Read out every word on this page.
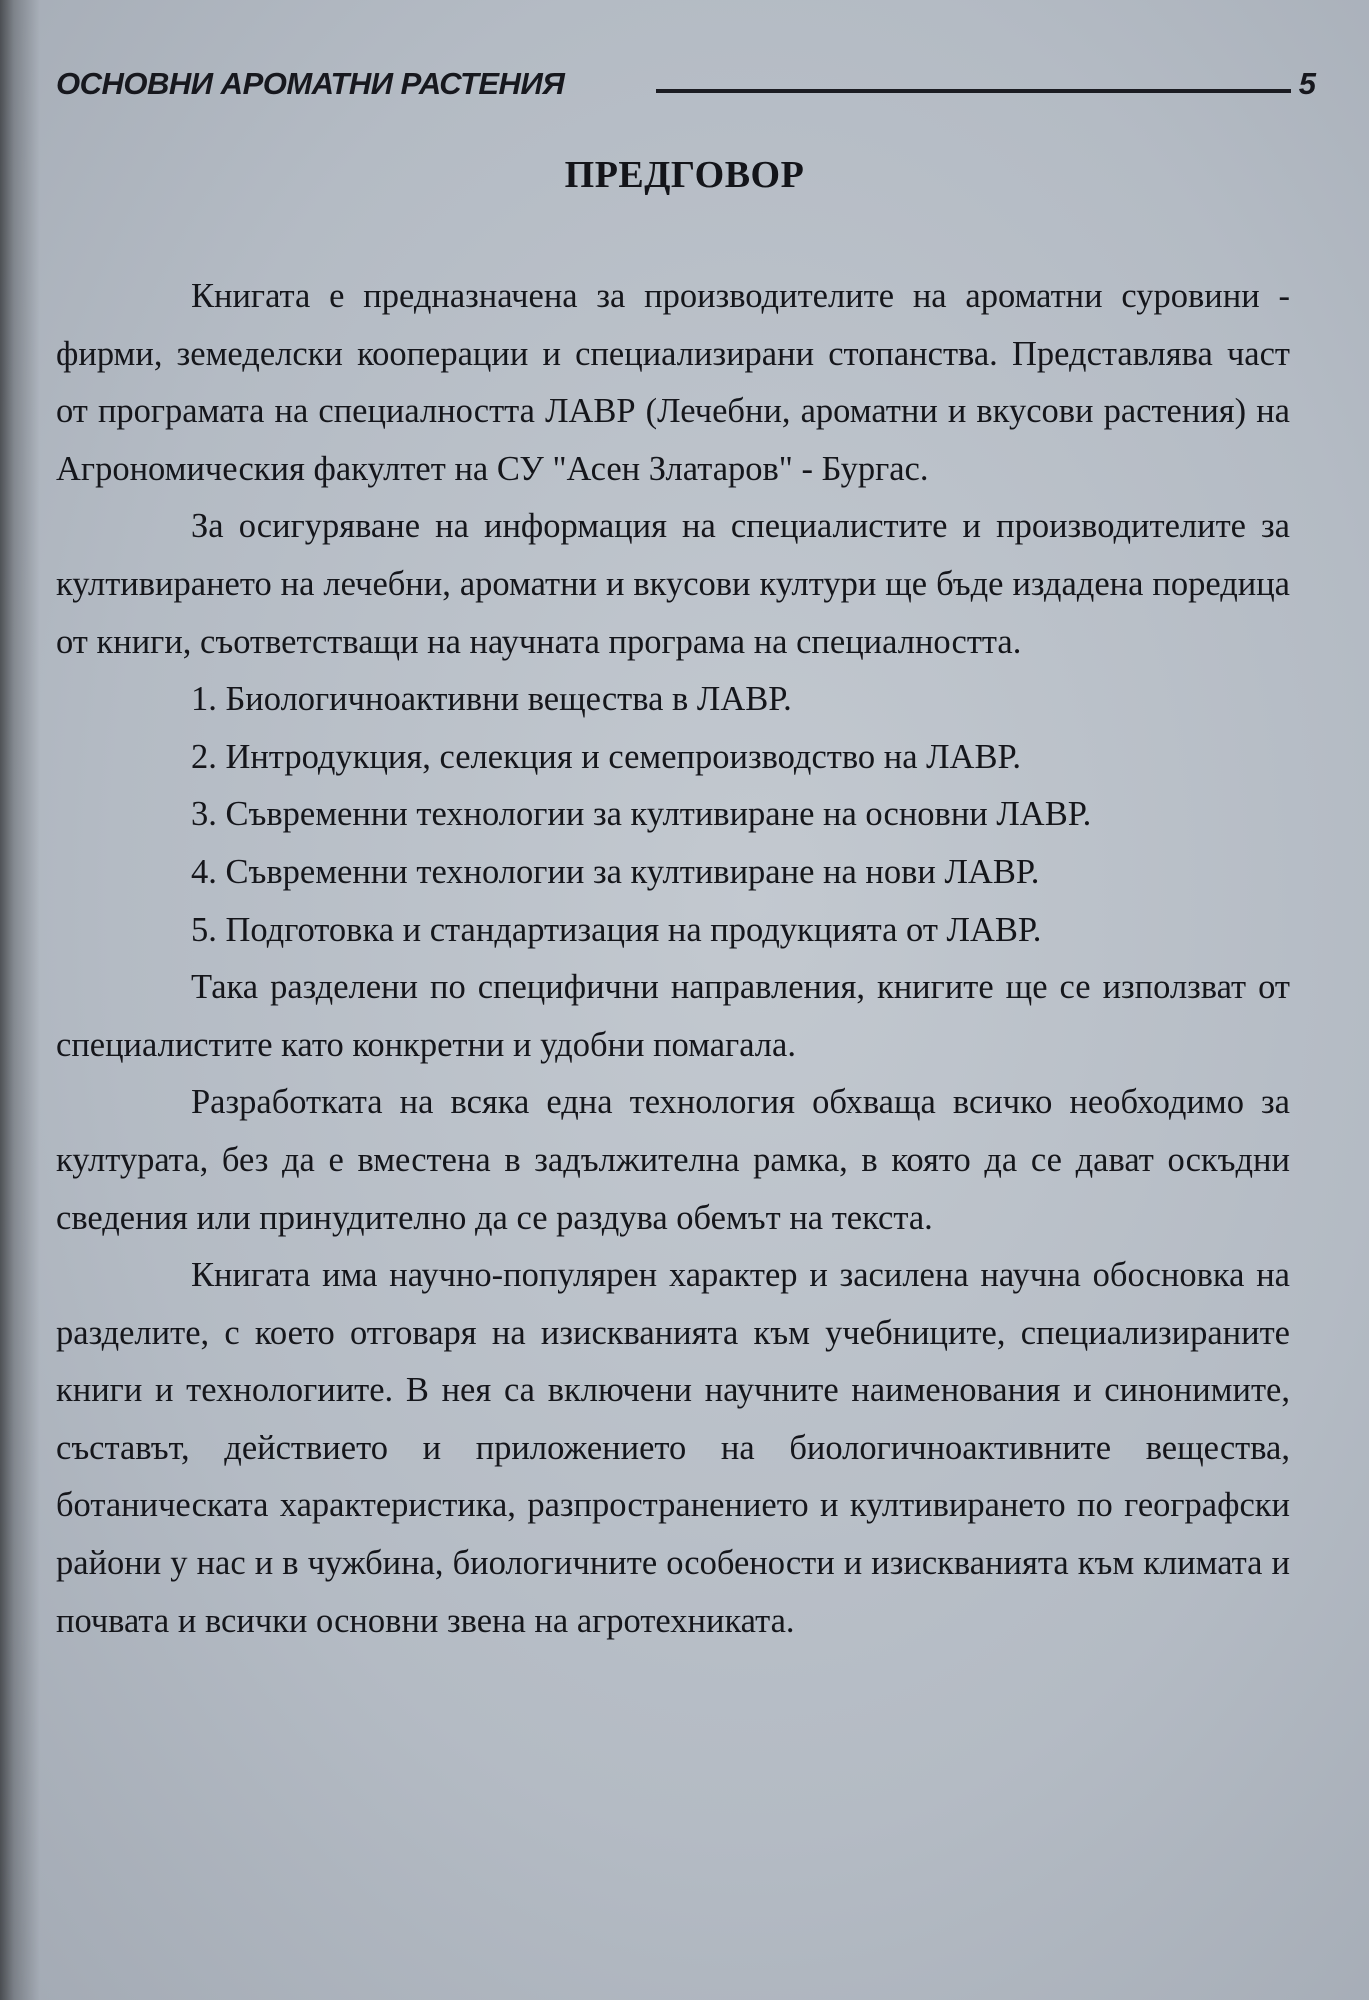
ОСНОВНИ АРОМАТНИ РАСТЕНИЯ	5
ПРЕДГОВОР

Книгата е предназначена за производителите на ароматни суровини - фирми, земеделски кооперации и специализирани стопанства. Представлява част от програмата на специалността ЛАВР (Лечебни, ароматни и вкусови растения) на Агрономическия факултет на СУ "Асен Златаров" - Бургас.

За осигуряване на информация на специалистите и производителите за култивирането на лечебни, ароматни и вкусови култури ще бъде издадена поредица от книги, съответстващи на научната програма на специалността.

1. Биологичноактивни вещества в ЛАВР.
2. Интродукция, селекция и семепроизводство на ЛАВР.
3. Съвременни технологии за култивиране на основни ЛАВР.
4. Съвременни технологии за култивиране на нови ЛАВР.
5. Подготовка и стандартизация на продукцията от ЛАВР.

Така разделени по специфични направления, книгите ще се използват от специалистите като конкретни и удобни помагала.

Разработката на всяка една технология обхваща всичко необходимо за културата, без да е вместена в задължителна рамка, в която да се дават оскъдни сведения или принудително да се раздува обемът на текста.

Книгата има научно-популярен характер и засилена научна обосновка на разделите, с което отговаря на изискванията към учебниците, специализираните книги и технологиите. В нея са включени научните наименования и синонимите, съставът, действието и приложението на биологичноактивните вещества, ботаническата характеристика, разпространението и култивирането по географски райони у нас и в чужбина, биологичните особености и изискванията към климата и почвата и всички основни звена на агротехниката.
